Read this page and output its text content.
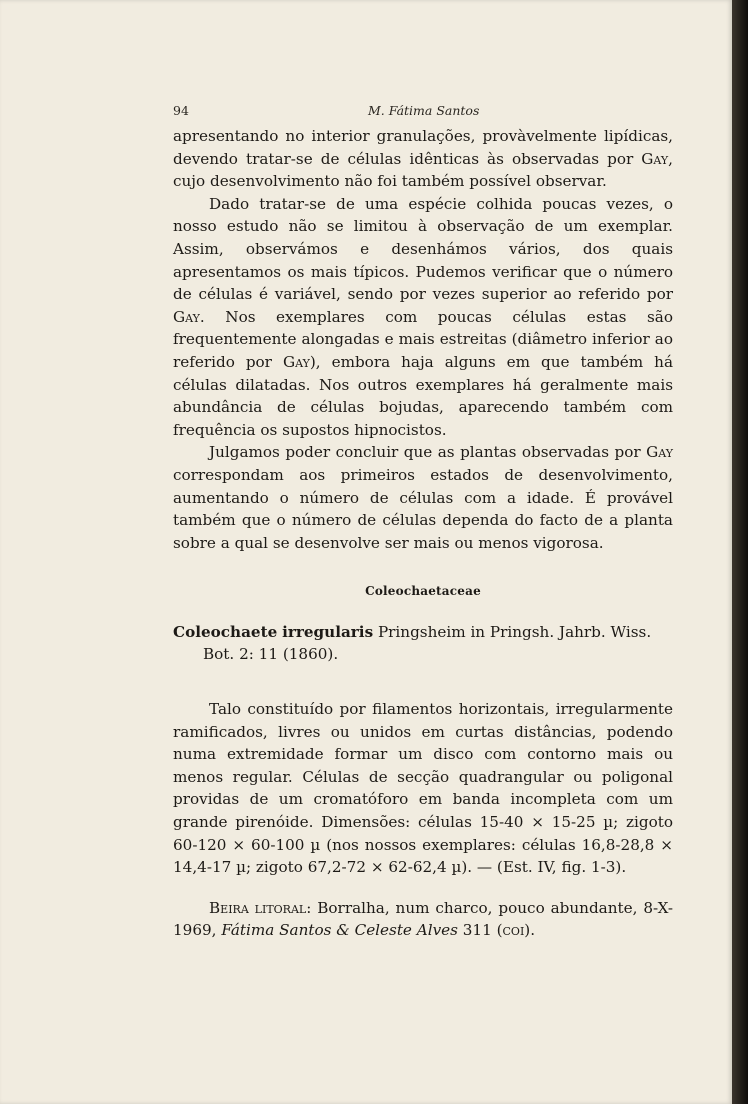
94	M. Fátima Santos

apresentando no interior granulações, provàvelmente lipídicas, devendo tratar-se de células idênticas às observadas por Gay, cujo desenvolvimento não foi também possível observar.

Dado tratar-se de uma espécie colhida poucas vezes, o nosso estudo não se limitou à observação de um exemplar. Assim, observámos e desenhámos vários, dos quais apresentamos os mais típicos. Pudemos verificar que o número de células é variável, sendo por vezes superior ao referido por Gay. Nos exemplares com poucas células estas são frequentemente alongadas e mais estreitas (diâmetro inferior ao referido por Gay), embora haja alguns em que também há células dilatadas. Nos outros exemplares há geralmente mais abundância de células bojudas, aparecendo também com frequência os supostos hipnocistos.

Julgamos poder concluir que as plantas observadas por Gay correspondam aos primeiros estados de desenvolvimento, aumentando o número de células com a idade. É provável também que o número de células dependa do facto de a planta sobre a qual se desenvolve ser mais ou menos vigorosa.

Coleochaetaceae

Coleochaete irregularis Pringsheim in Pringsh. Jahrb. Wiss. Bot. 2: 11 (1860).

Talo constituído por filamentos horizontais, irregularmente ramificados, livres ou unidos em curtas distâncias, podendo numa extremidade formar um disco com contorno mais ou menos regular. Células de secção quadrangular ou poligonal providas de um cromatóforo em banda incompleta com um grande pirenóide. Dimensões: células 15-40 × 15-25 µ; zigoto 60-120 × 60-100 µ (nos nossos exemplares: células 16,8-28,8 × 14,4-17 µ; zigoto 67,2-72 × 62-62,4 µ). — (Est. IV, fig. 1-3).

Beira litoral: Borralha, num charco, pouco abundante, 8-X-1969, Fátima Santos & Celeste Alves 311 (coi).
